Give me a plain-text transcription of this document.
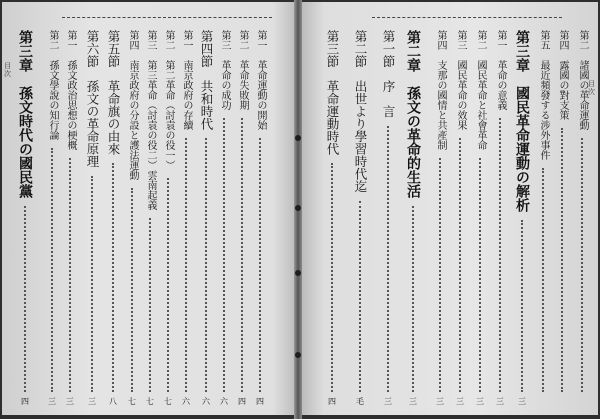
目次
目次
第二　諸國の革命運動
第四　露國の對支策
第五　最近頻發する涉外事件
第三章　國民革命運動の解析
三
第一　革命の意義
三
第二　國民革命と社會革命
三
第三　國民革命の效果
三
第四　支那の國情と共產制
三
第二章　孫文の革命的生活
三
第一節　序　言
三
第二節　出世より學習時代迄
毛
第三節　革命運動時代
四
第一　革命運動の開始
四
第二　革命失敗期
四
第三　革命の成功
六
第四節　共和時代
六
第一　南京政府の存續
六
第二　第二革命（討袁の役一）
七
第三　第三革命（討袁の役二）雲南起義
七
第四　南京政府の分設と護法運動
七
第五節　革命旗の由來
八
第六節　孫文の革命原理
三
第一　孫文政治思想の梗概
三
第二　孫文學說の知行論
三
第三章　孫文時代の國民黨
四
